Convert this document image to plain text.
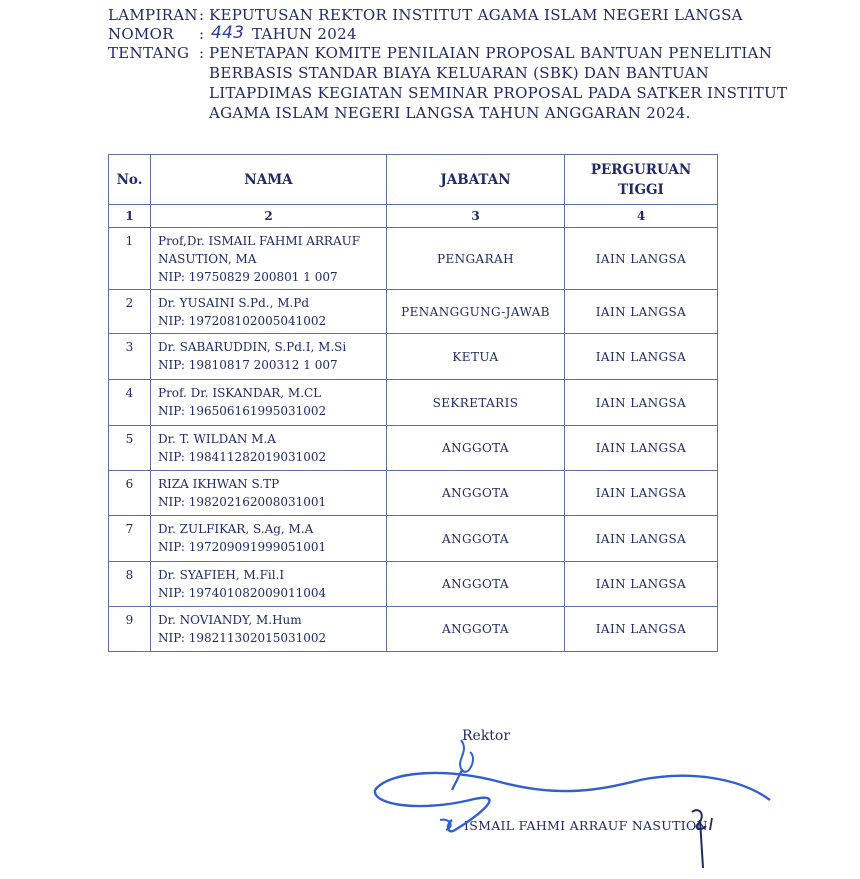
LAMPIRAN : KEPUTUSAN REKTOR INSTITUT AGAMA ISLAM NEGERI LANGSA
NOMOR : 443 TAHUN 2024
TENTANG : PENETAPAN KOMITE PENILAIAN PROPOSAL BANTUAN PENELITIAN
BERBASIS STANDAR BIAYA KELUARAN (SBK) DAN BANTUAN
LITAPDIMAS KEGIATAN SEMINAR PROPOSAL PADA SATKER INSTITUT
AGAMA ISLAM NEGERI LANGSA TAHUN ANGGARAN 2024.
No.	NAMA	JABATAN	PERGURUAN
TIGGI

1	2	3	4
1	Prof,Dr. ISMAIL FAHMI ARRAUF
NASUTION, MA
NIP: 19750829 200801 1 007	PENGARAH	IAIN LANGSA
2	Dr. YUSAINI S.Pd., M.Pd
NIP: 197208102005041002	PENANGGUNG-JAWAB	IAIN LANGSA
3	Dr. SABARUDDIN, S.Pd.I, M.Si
NIP: 19810817 200312 1 007	KETUA	IAIN LANGSA
4	Prof. Dr. ISKANDAR, M.CL
NIP: 196506161995031002	SEKRETARIS	IAIN LANGSA
5	Dr. T. WILDAN M.A
NIP: 198411282019031002	ANGGOTA	IAIN LANGSA
6	RIZA IKHWAN S.TP
NIP: 198202162008031001	ANGGOTA	IAIN LANGSA
7	Dr. ZULFIKAR, S.Ag, M.A
NIP: 197209091999051001	ANGGOTA	IAIN LANGSA
8	Dr. SYAFIEH, M.Fil.I
NIP: 197401082009011004	ANGGOTA	IAIN LANGSA
9	Dr. NOVIANDY, M.Hum
NIP: 198211302015031002	ANGGOTA	IAIN LANGSA
Rektor
ISMAIL FAHMI ARRAUF NASUTION
